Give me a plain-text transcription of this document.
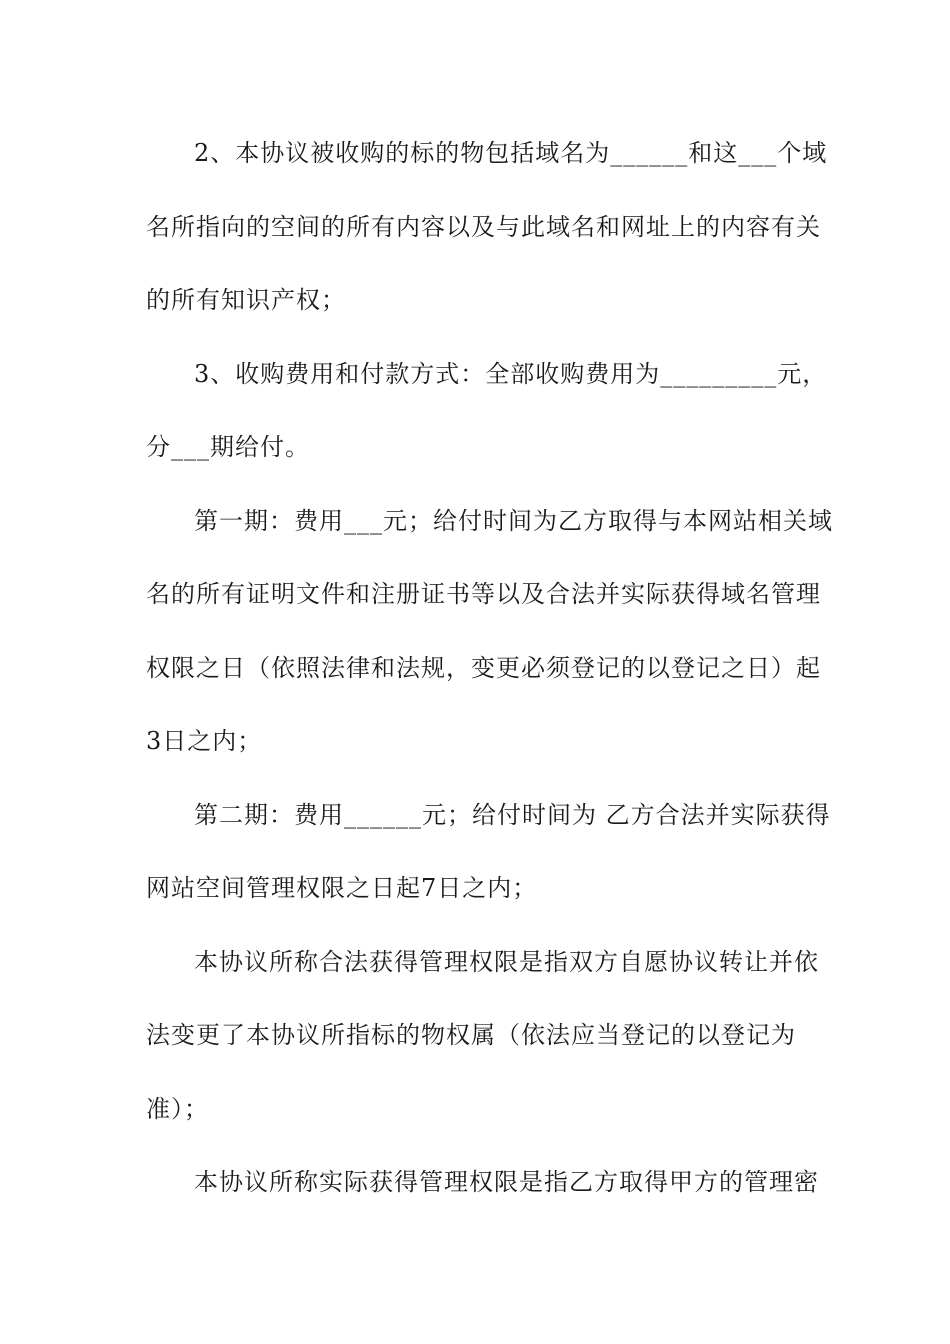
2、本协议被收购的标的物包括域名为______和这___个域
名所指向的空间的所有内容以及与此域名和网址上的内容有关
的所有知识产权；
3、收购费用和付款方式：全部收购费用为_________元，
分___期给付。
第一期：费用___元；给付时间为乙方取得与本网站相关域
名的所有证明文件和注册证书等以及合法并实际获得域名管理
权限之日（依照法律和法规，变更必须登记的以登记之日）起
3日之内；
第二期：费用______元；给付时间为 乙方合法并实际获得
网站空间管理权限之日起7日之内；
本协议所称合法获得管理权限是指双方自愿协议转让并依
法变更了本协议所指标的物权属（依法应当登记的以登记为
准）；
本协议所称实际获得管理权限是指乙方取得甲方的管理密
